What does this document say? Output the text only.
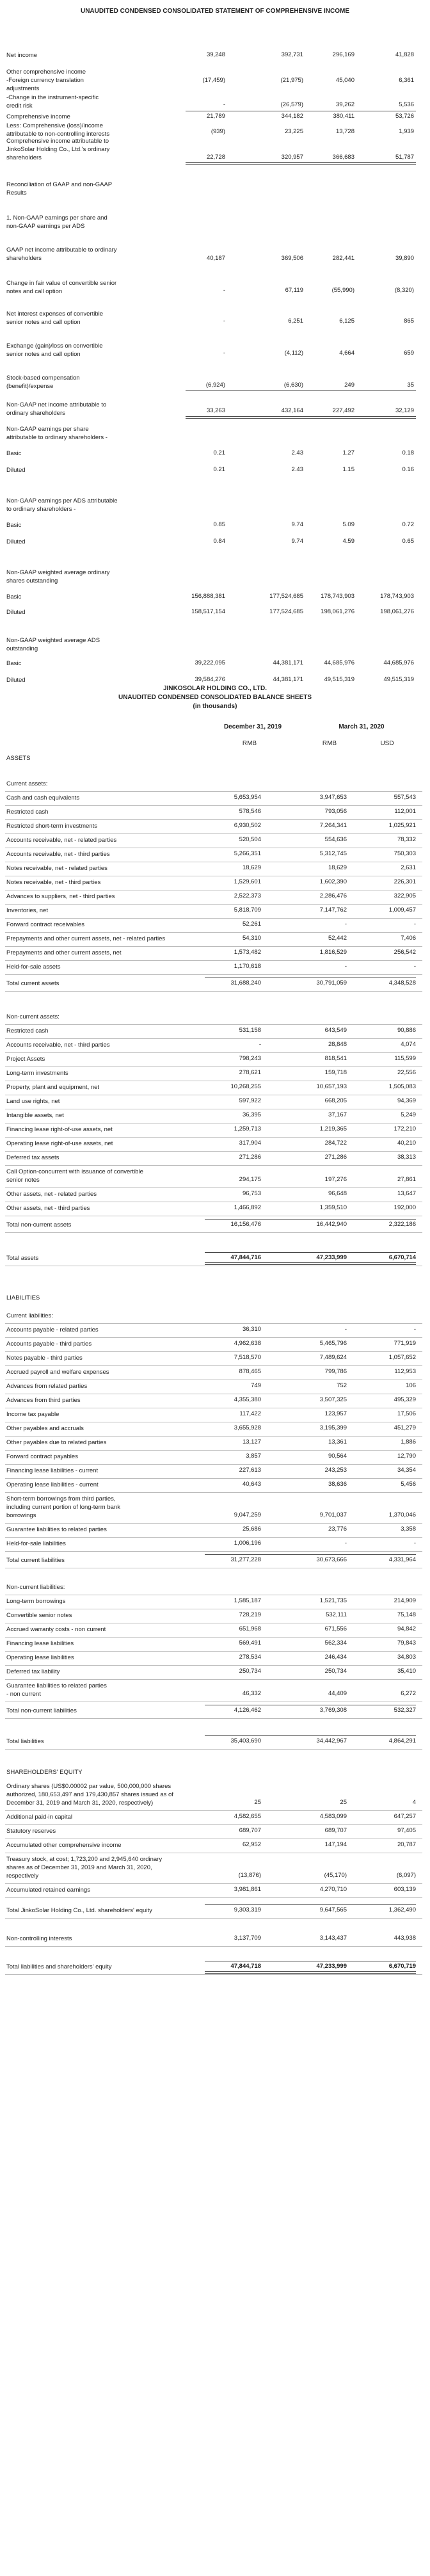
UNAUDITED CONDENSED CONSOLIDATED STATEMENT OF COMPREHENSIVE INCOME
Net income	39,248	392,731	296,169	41,828
Other comprehensive income
-Foreign currency translation
adjustments
(17,459)	(21,975)	45,040	6,361
-Change in the instrument-specific
credit risk	-	(26,579)	39,262	5,536
Comprehensive income	21,789	344,182	380,411	53,726
Less: Comprehensive (loss)/income
attributable to non-controlling interests	(939)	23,225	13,728	1,939
Comprehensive income attributable to
JinkoSolar Holding Co., Ltd.'s ordinary
shareholders	22,728	320,957	366,683	51,787
Reconciliation of GAAP and non-GAAP
Results
1. Non-GAAP earnings per share and
non-GAAP earnings per ADS
GAAP net income attributable to ordinary
shareholders	40,187	369,506	282,441	39,890
Change in fair value of convertible senior
notes and call option	-	67,119	(55,990)	(8,320)
Net interest expenses of convertible
senior notes and call option	-	6,251	6,125	865
Exchange (gain)/loss on convertible
senior notes and call option	-	(4,112)	4,664	659
Stock-based compensation
(benefit)/expense	(6,924)	(6,630)	249	35
Non-GAAP net income attributable to
ordinary shareholders	33,263	432,164	227,492	32,129
Non-GAAP earnings per share
attributable to ordinary shareholders -
Basic	0.21	2.43	1.27	0.18
Diluted	0.21	2.43	1.15	0.16
Non-GAAP earnings per ADS attributable
to ordinary shareholders -
Basic	0.85	9.74	5.09	0.72
Diluted	0.84	9.74	4.59	0.65
Non-GAAP weighted average ordinary
shares outstanding
Basic	156,888,381	177,524,685	178,743,903	178,743,903
Diluted	158,517,154	177,524,685	198,061,276	198,061,276
Non-GAAP weighted average ADS
outstanding
Basic	39,222,095	44,381,171	44,685,976	44,685,976
Diluted	39,584,276	44,381,171	49,515,319	49,515,319
JINKOSOLAR HOLDING CO., LTD.
UNAUDITED CONDENSED CONSOLIDATED BALANCE SHEETS
(in thousands)
December 31, 2019	March 31, 2020
RMB	RMB	USD
ASSETS
Current assets:
Cash and cash equivalents	5,653,954	3,947,653	557,543
Restricted cash	578,546	793,056	112,001
Restricted short-term investments	6,930,502	7,264,341	1,025,921
Accounts receivable, net - related parties	520,504	554,636	78,332
Accounts receivable, net - third parties	5,266,351	5,312,745	750,303
Notes receivable, net - related parties	18,629	18,629	2,631
Notes receivable, net - third parties	1,529,601	1,602,390	226,301
Advances to suppliers, net - third parties	2,522,373	2,286,476	322,905
Inventories, net	5,818,709	7,147,762	1,009,457
Forward contract receivables	52,261	-	-
Prepayments and other current assets, net - related parties	54,310	52,442	7,406
Prepayments and other current assets, net	1,573,482	1,816,529	256,542
Held-for-sale assets	1,170,618	-	-
Total current assets	31,688,240	30,791,059	4,348,528
Non-current assets:
Restricted cash	531,158	643,549	90,886
Accounts receivable, net - third parties	-	28,848	4,074
Project Assets	798,243	818,541	115,599
Long-term investments	278,621	159,718	22,556
Property, plant and equipment, net	10,268,255	10,657,193	1,505,083
Land use rights, net	597,922	668,205	94,369
Intangible assets, net	36,395	37,167	5,249
Financing lease right-of-use assets, net	1,259,713	1,219,365	172,210
Operating lease right-of-use assets, net	317,904	284,722	40,210
Deferred tax assets	271,286	271,286	38,313
Call Option-concurrent with issuance of convertible
senior notes	294,175	197,276	27,861
Other assets, net - related parties	96,753	96,648	13,647
Other assets, net - third parties	1,466,892	1,359,510	192,000
Total non-current assets	16,156,476	16,442,940	2,322,186
Total assets	47,844,716	47,233,999	6,670,714
LIABILITIES
Current liabilities:
Accounts payable - related parties	36,310	-	-
Accounts payable - third parties	4,962,638	5,465,796	771,919
Notes payable - third parties	7,518,570	7,489,624	1,057,652
Accrued payroll and welfare expenses	878,465	799,786	112,953
Advances from related parties	749	752	106
Advances from third parties	4,355,380	3,507,325	495,329
Income tax payable	117,422	123,957	17,506
Other payables and accruals	3,655,928	3,195,399	451,279
Other payables due to related parties	13,127	13,361	1,886
Forward contract payables	3,857	90,564	12,790
Financing lease liabilities - current	227,613	243,253	34,354
Operating lease liabilities - current	40,643	38,636	5,456
Short-term borrowings from third parties,
including current portion of long-term bank
borrowings	9,047,259	9,701,037	1,370,046
Guarantee liabilities to related parties	25,686	23,776	3,358
Held-for-sale liabilities	1,006,196	-	-
Total current liabilities	31,277,228	30,673,666	4,331,964
Non-current liabilities:
Long-term borrowings	1,585,187	1,521,735	214,909
Convertible senior notes	728,219	532,111	75,148
Accrued warranty costs - non current	651,968	671,556	94,842
Financing lease liabilities	569,491	562,334	79,843
Operating lease liabilities	278,534	246,434	34,803
Deferred tax liability	250,734	250,734	35,410
Guarantee liabilities to related parties
- non current	46,332	44,409	6,272
Total non-current liabilities	4,126,462	3,769,308	532,327
Total liabilities	35,403,690	34,442,967	4,864,291
SHAREHOLDERS' EQUITY
Ordinary shares (US$0.00002 par value, 500,000,000 shares
authorized, 180,653,497 and 179,430,857 shares issued as of
December 31, 2019 and March 31, 2020, respectively)	25	25	4
Additional paid-in capital	4,582,655	4,583,099	647,257
Statutory reserves	689,707	689,707	97,405
Accumulated other comprehensive income	62,952	147,194	20,787
Treasury stock, at cost; 1,723,200 and 2,945,640 ordinary
shares as of December 31, 2019 and March 31, 2020,
respectively	(13,876)	(45,170)	(6,097)
Accumulated retained earnings	3,981,861	4,270,710	603,139
Total JinkoSolar Holding Co., Ltd. shareholders' equity	9,303,319	9,647,565	1,362,490
Non-controlling interests	3,137,709	3,143,437	443,938
Total liabilities and shareholders' equity	47,844,718	47,233,999	6,670,719
